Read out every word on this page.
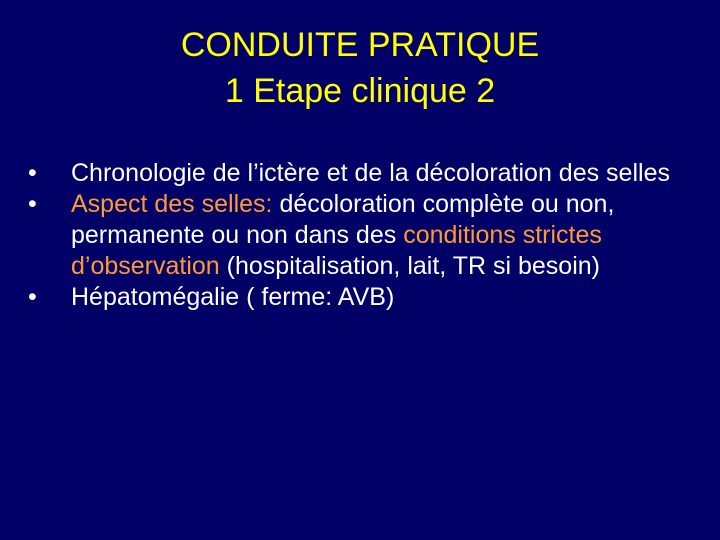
CONDUITE PRATIQUE
1 Etape clinique 2
• Chronologie de l’ictère et de la décoloration des selles
• Aspect des selles: décoloration complète ou non, permanente ou non dans des conditions strictes d’observation (hospitalisation, lait, TR si besoin)
• Hépatomégalie ( ferme: AVB)
